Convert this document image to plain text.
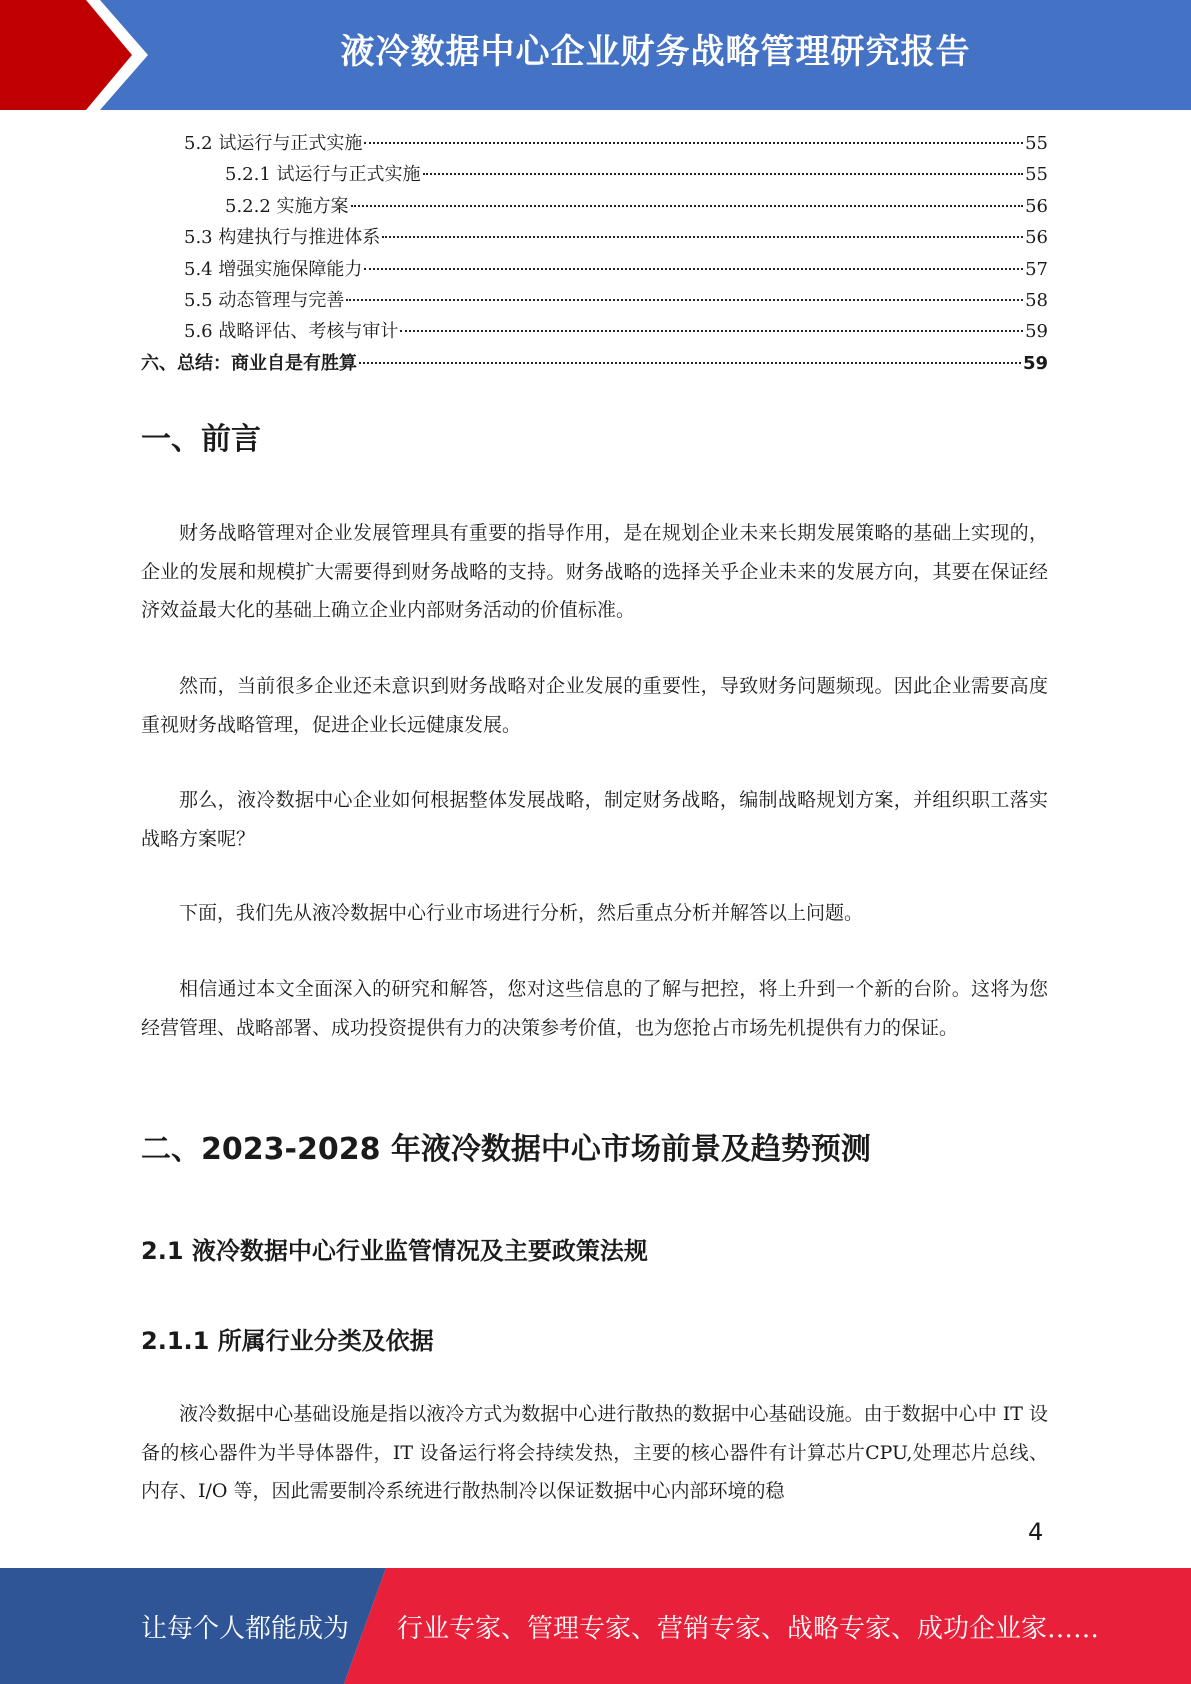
液冷数据中心企业财务战略管理研究报告
5.2 试运行与正式实施	55
5.2.1 试运行与正式实施	55
5.2.2 实施方案	56
5.3 构建执行与推进体系	56
5.4 增强实施保障能力	57
5.5 动态管理与完善	58
5.6 战略评估、考核与审计	59
六、总结：商业自是有胜算	59
一、前言

财务战略管理对企业发展管理具有重要的指导作用，是在规划企业未来长期发展策略的基础上实现的，企业的发展和规模扩大需要得到财务战略的支持。财务战略的选择关乎企业未来的发展方向，其要在保证经济效益最大化的基础上确立企业内部财务活动的价值标准。

然而，当前很多企业还未意识到财务战略对企业发展的重要性，导致财务问题频现。因此企业需要高度重视财务战略管理，促进企业长远健康发展。

那么，液冷数据中心企业如何根据整体发展战略，制定财务战略，编制战略规划方案，并组织职工落实战略方案呢？

下面，我们先从液冷数据中心行业市场进行分析，然后重点分析并解答以上问题。

相信通过本文全面深入的研究和解答，您对这些信息的了解与把控，将上升到一个新的台阶。这将为您经营管理、战略部署、成功投资提供有力的决策参考价值，也为您抢占市场先机提供有力的保证。

二、2023-2028 年液冷数据中心市场前景及趋势预测
2.1 液冷数据中心行业监管情况及主要政策法规
2.1.1 所属行业分类及依据

液冷数据中心基础设施是指以液冷方式为数据中心进行散热的数据中心基础设施。由于数据中心中 IT 设备的核心器件为半导体器件，IT 设备运行将会持续发热，主要的核心器件有计算芯片CPU,处理芯片总线、内存、I/O 等，因此需要制冷系统进行散热制冷以保证数据中心内部环境的稳

4
让每个人都能成为 行业专家、管理专家、营销专家、战略专家、成功企业家……
